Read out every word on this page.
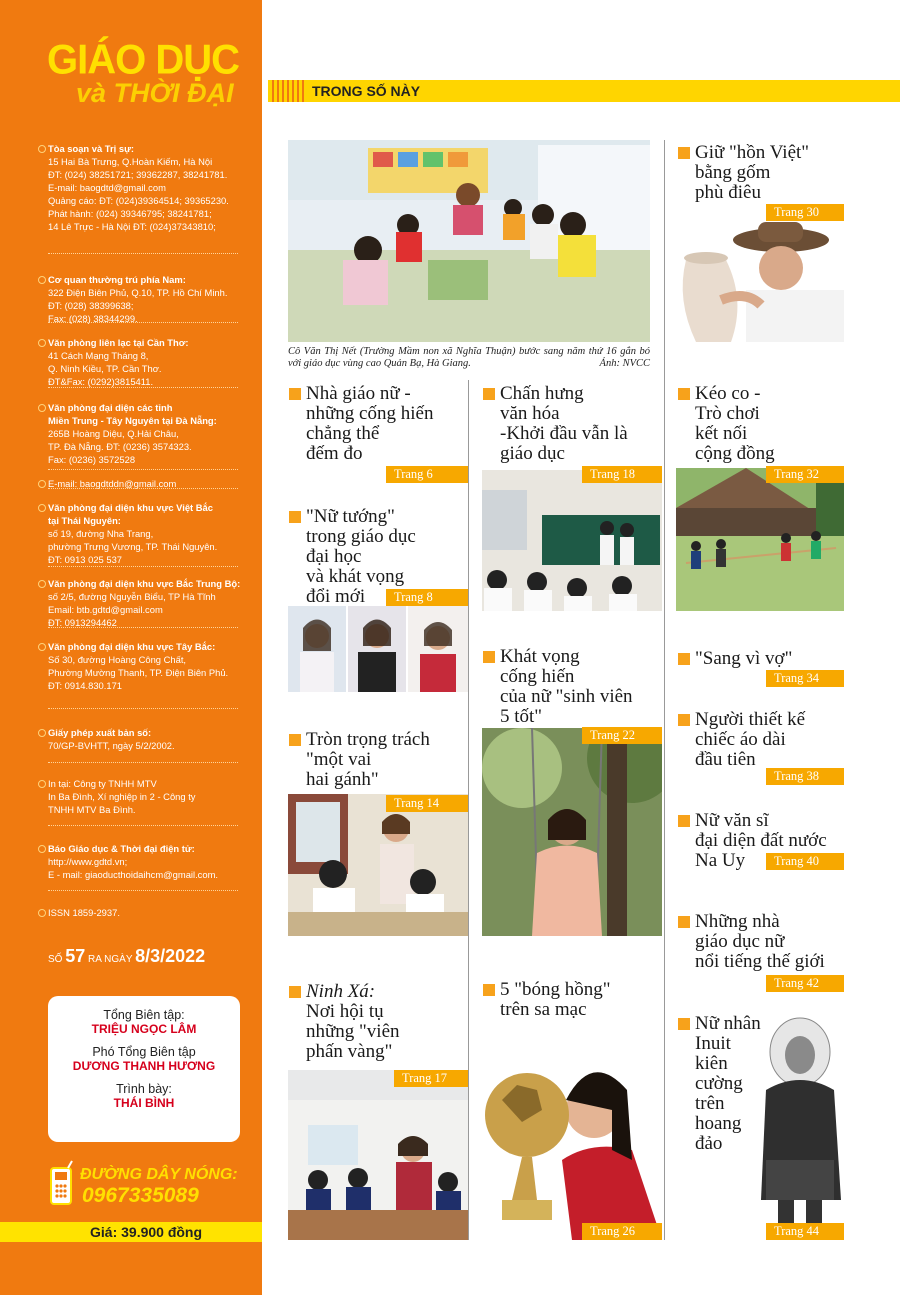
GIÁO DỤC
và THỜI ĐẠI
SỐ 57 RA NGÀY 8/3/2022
Tổng Biên tập:
TRIỆU NGỌC LÂM
Phó Tổng Biên tập
DƯƠNG THANH HƯƠNG
Trình bày:
THÁI BÌNH
ĐƯỜNG DÂY NÓNG:
0967335089
Giá: 39.900 đồng
Tòa soạn và Trị sự:
15 Hai Bà Trưng, Q.Hoàn Kiếm, Hà Nội
ĐT: (024) 38251721; 39362287, 38241781.
E-mail: baogdtd@gmail.com
Quảng cáo: ĐT: (024)39364514; 39365230.
Phát hành: (024) 39346795; 38241781;
14 Lê Trực - Hà Nội ĐT: (024)37343810;
Cơ quan thường trú phía Nam:
322 Điện Biên Phủ, Q.10, TP. Hồ Chí Minh.
ĐT: (028) 38399638;
Fax: (028) 38344299.
Văn phòng liên lạc tại Cần Thơ:
41 Cách Mạng Tháng 8,
Q. Ninh Kiều, TP. Cần Thơ.
ĐT&Fax: (0292)3815411.
Văn phòng đại diện các tỉnh
Miền Trung - Tây Nguyên tại Đà Nẵng:
265B Hoàng Diệu, Q.Hải Châu,
TP. Đà Nẵng. ĐT: (0236) 3574323.
Fax: (0236) 3572528
E-mail: baogdtddn@gmail.com
Văn phòng đại diện khu vực Việt Bắc
tại Thái Nguyên:
số 19, đường Nha Trang,
phường Trưng Vương, TP. Thái Nguyên.
ĐT: 0913 025 537
Văn phòng đại diện khu vực Bắc Trung Bộ:
số 2/5, đường Nguyễn Biểu, TP Hà Tĩnh
Email: btb.gdtd@gmail.com
ĐT: 0913294462
Văn phòng đại diện khu vực Tây Bắc:
Số 30, đường Hoàng Công Chất,
Phường Mường Thanh, TP. Điện Biên Phủ.
ĐT: 0914.830.171
Giấy phép xuất bản số:
70/GP-BVHTT, ngày 5/2/2002.
In tại: Công ty TNHH MTV
In Ba Đình, Xí nghiệp in 2 - Công ty
TNHH MTV Ba Đình.
Báo Giáo dục & Thời đại điện tử:
http://www.gdtd.vn;
E - mail: giaoducthoidaihcm@gmail.com.
ISSN 1859-2937.
TRONG SỐ NÀY
Cô Văn Thị Nết (Trường Mầm non xã Nghĩa Thuận) bước sang năm thứ 16 gắn bó với giáo dục vùng cao Quản Bạ, Hà Giang.	Ảnh: NVCC
Giữ "hồn Việt"
bằng gốm
phù điêu
Trang 30
Nhà giáo nữ -
những cống hiến
chẳng thể
đếm đo
Trang 6
Chấn hưng
văn hóa
-Khởi đầu vẫn là
giáo dục
Trang 18
Kéo co -
Trò chơi
kết nối
cộng đồng
Trang 32
"Nữ tướng"
trong giáo dục
đại học
và khát vọng
đổi mới	Trang 8
Khát vọng
cống hiến
của nữ "sinh viên
5 tốt"
Trang 22
"Sang vì vợ"
Trang 34
Người thiết kế
chiếc áo dài
đầu tiên
Trang 38
Tròn trọng trách
"một vai
hai gánh"
Trang 14
Nữ văn sĩ
đại diện đất nước
Na Uy	Trang 40
Những nhà
giáo dục nữ
nổi tiếng thế giới
Trang 42
Ninh Xá:
Nơi hội tụ
những "viên
phấn vàng"
Trang 17
5 "bóng hồng"
trên sa mạc
Trang 26
Nữ nhân
Inuit
kiên
cường
trên
hoang
đảo
Trang 44
